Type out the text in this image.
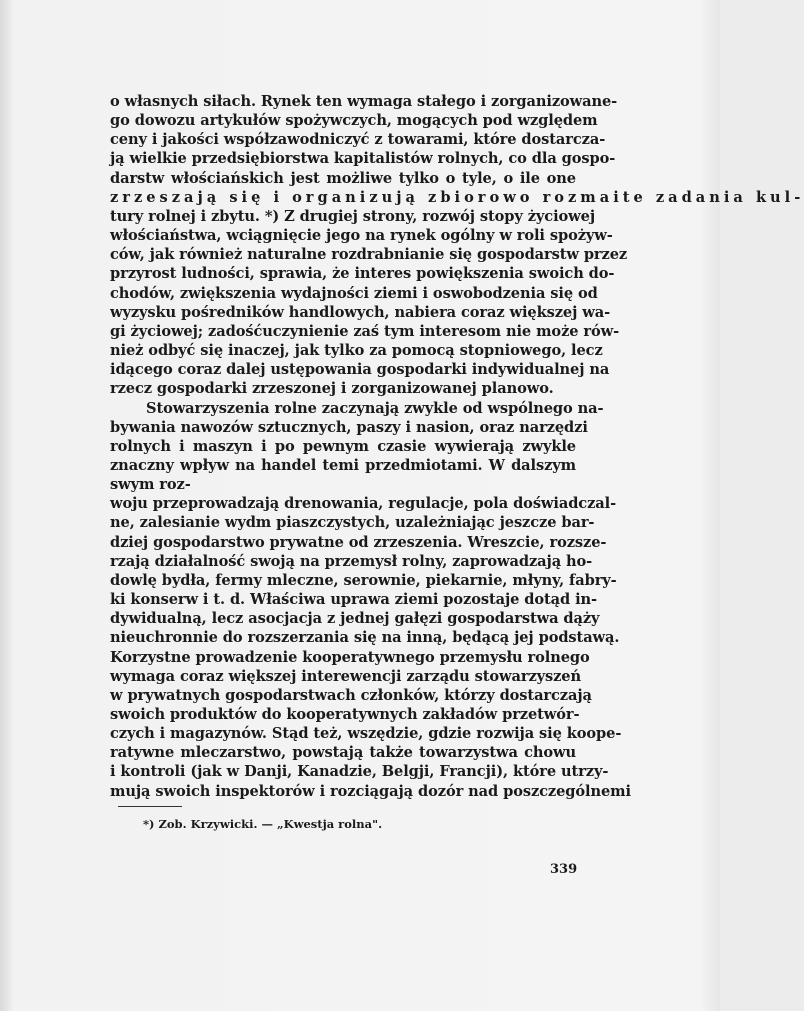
o własnych siłach. Rynek ten wymaga stałego i zorganizowane-
go dowozu artykułów spożywczych, mogących pod względem
ceny i jakości współzawodniczyć z towarami, które dostarcza-
ją wielkie przedsiębiorstwa kapitalistów rolnych, co dla gospo-
darstw włościańskich jest możliwe tylko o tyle, o ile one
zrzeszają się i organizują zbiorowo rozmaite zadania kul-
tury rolnej i zbytu. *) Z drugiej strony, rozwój stopy życiowej
włościaństwa, wciągnięcie jego na rynek ogólny w roli spożyw-
ców, jak również naturalne rozdrabnianie się gospodarstw przez
przyrost ludności, sprawia, że interes powiększenia swoich do-
chodów, zwiększenia wydajności ziemi i oswobodzenia się od
wyzysku pośredników handlowych, nabiera coraz większej wa-
gi życiowej; zadośćuczynienie zaś tym interesom nie może rów-
nież odbyć się inaczej, jak tylko za pomocą stopniowego, lecz
idącego coraz dalej ustępowania gospodarki indywidualnej na
rzecz gospodarki zrzeszonej i zorganizowanej planowo.
Stowarzyszenia rolne zaczynają zwykle od wspólnego na-
bywania nawozów sztucznych, paszy i nasion, oraz narzędzi
rolnych i maszyn i po pewnym czasie wywierają zwykle znaczny wpływ na handel temi przedmiotami. W dalszym swym roz-
woju przeprowadzają drenowania, regulacje, pola doświadczal-
ne, zalesianie wydm piaszczystych, uzależniając jeszcze bar-
dziej gospodarstwo prywatne od zrzeszenia. Wreszcie, rozsze-
rzają działalność swoją na przemysł rolny, zaprowadzają ho-
dowlę bydła, fermy mleczne, serownie, piekarnie, młyny, fabry-
ki konserw i t. d. Właściwa uprawa ziemi pozostaje dotąd in-
dywidualną, lecz asocjacja z jednej gałęzi gospodarstwa dąży
nieuchronnie do rozszerzania się na inną, będącą jej podstawą.
Korzystne prowadzenie kooperatywnego przemysłu rolnego
wymaga coraz większej interewencji zarządu stowarzyszeń
w prywatnych gospodarstwach członków, którzy dostarczają
swoich produktów do kooperatywnych zakładów przetwór-
czych i magazynów. Stąd też, wszędzie, gdzie rozwija się koope-
ratywne mleczarstwo, powstają także towarzystwa chowu
i kontroli (jak w Danji, Kanadzie, Belgji, Francji), które utrzy-
mują swoich inspektorów i rozciągają dozór nad poszczególnemi
*) Zob. Krzywicki. — „Kwestja rolna".
339
